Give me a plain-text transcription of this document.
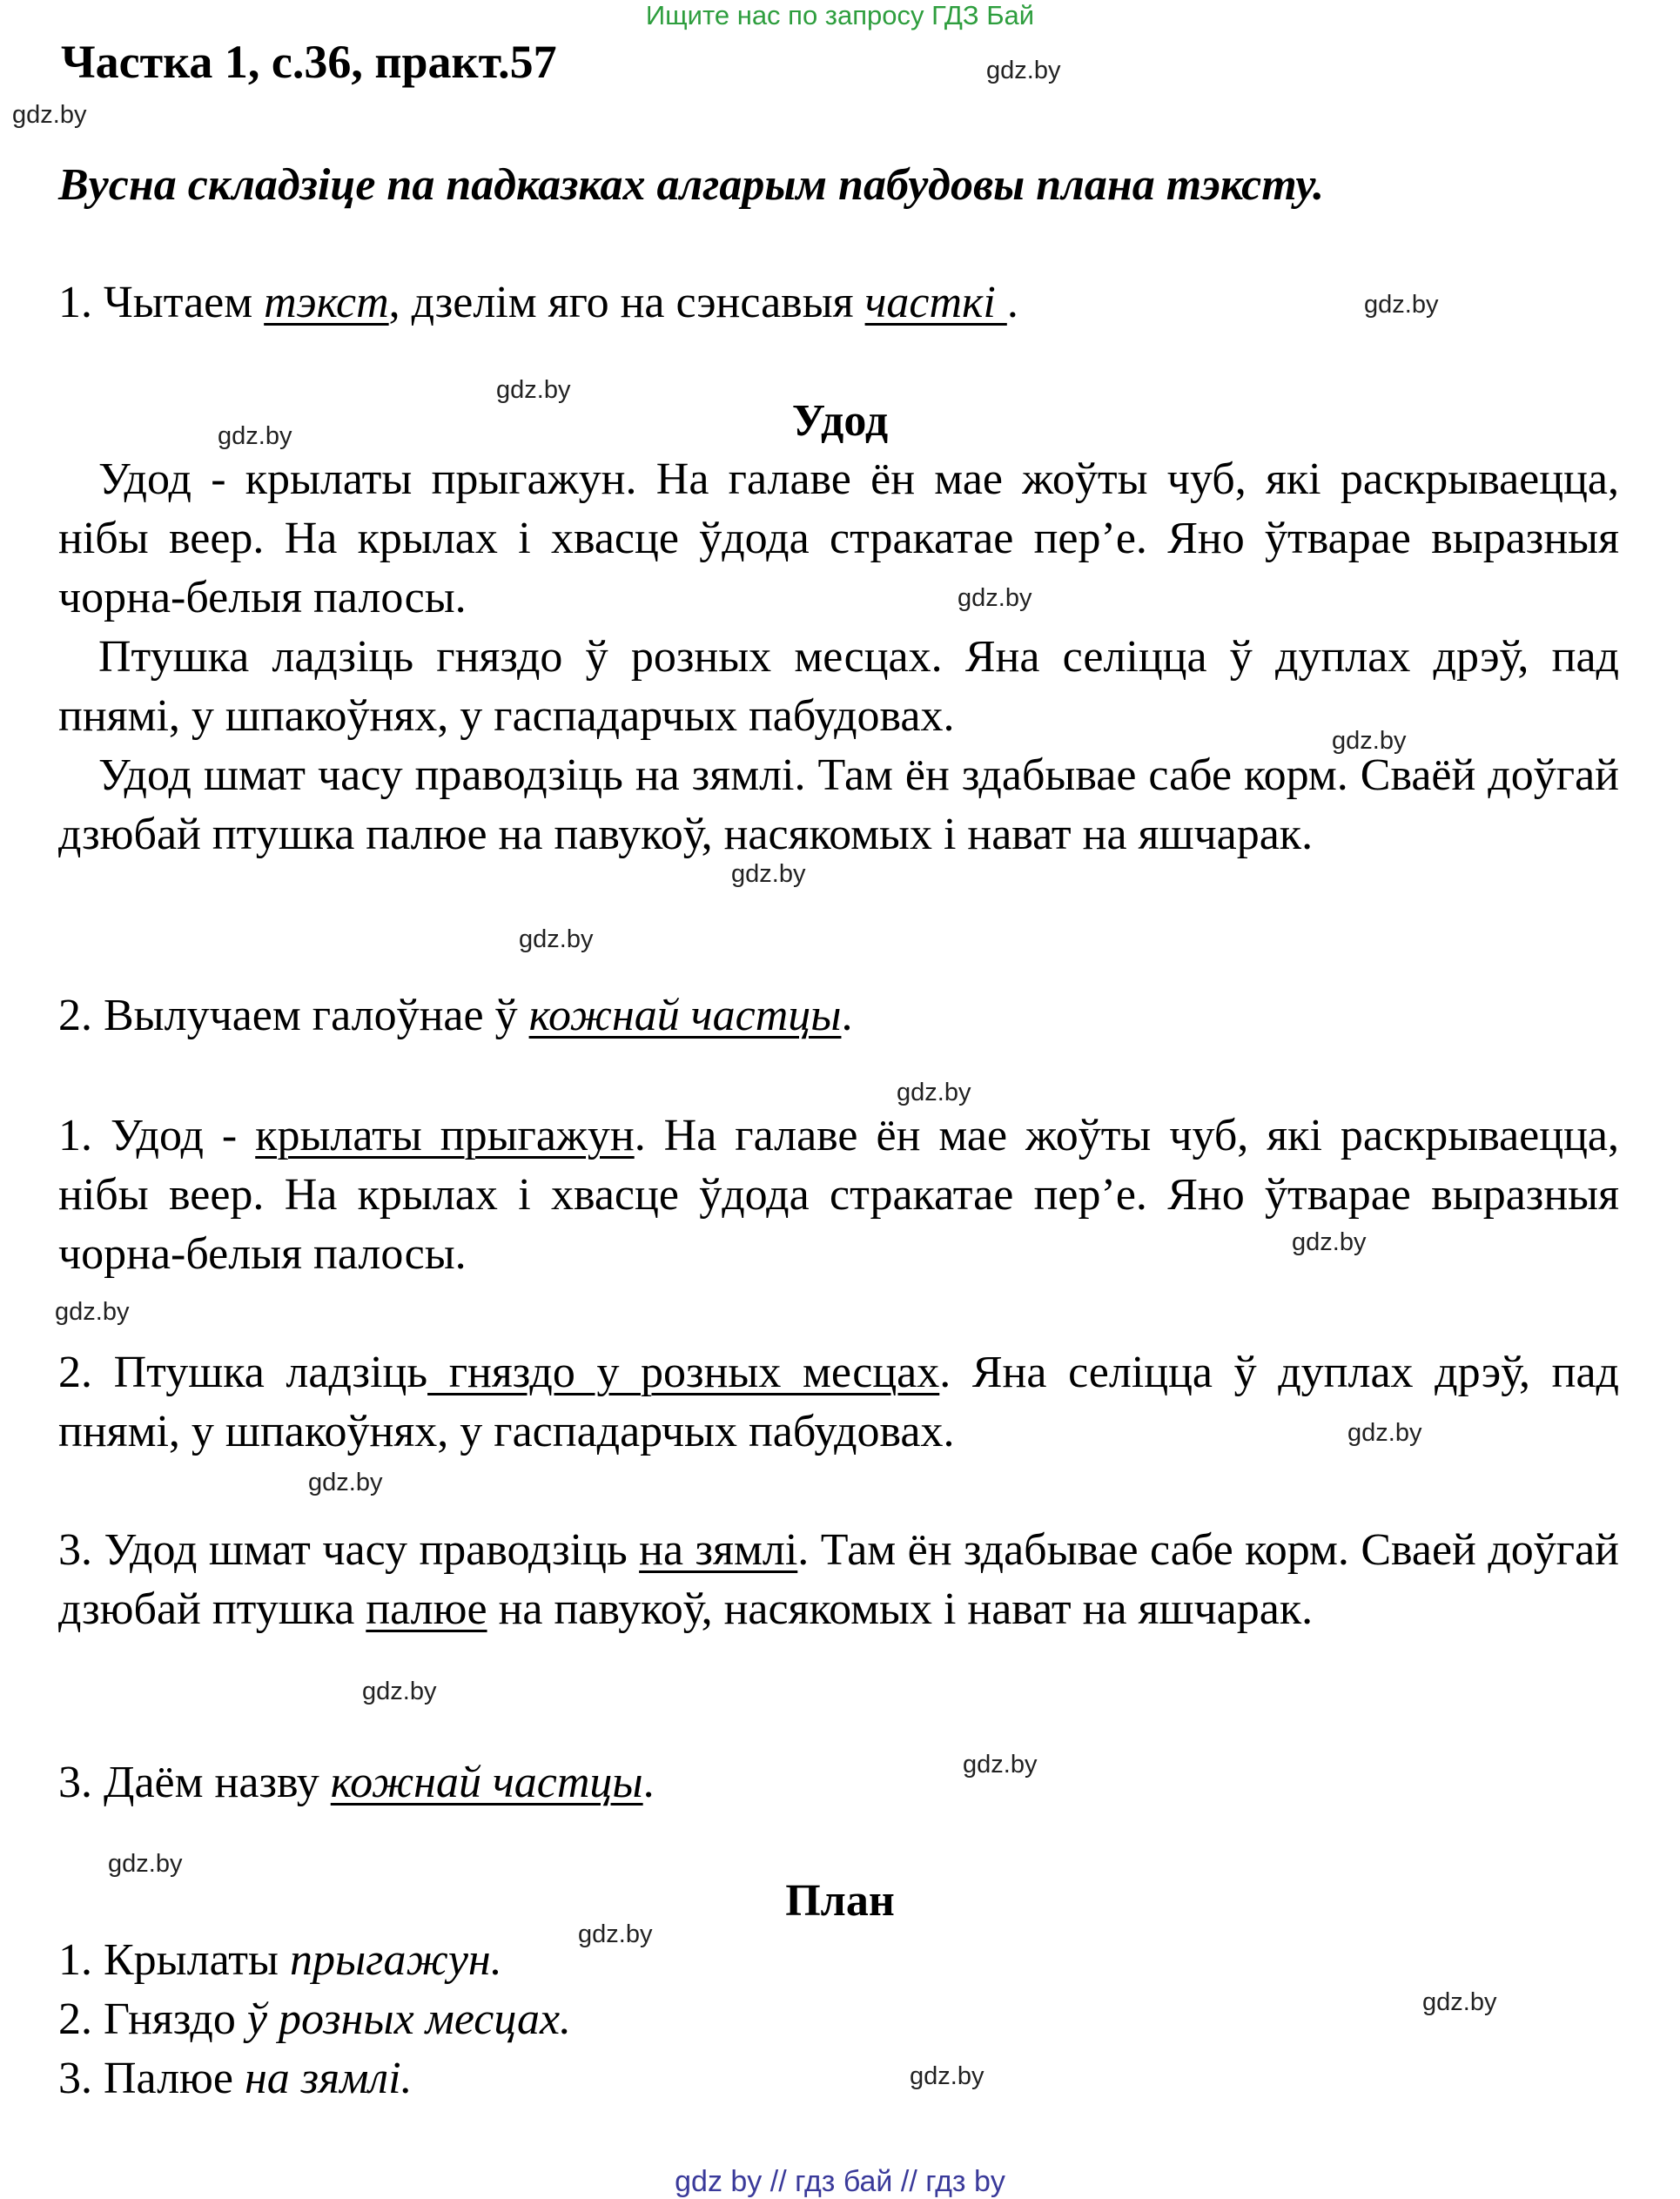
Ищите нас по запросу ГДЗ Бай
Частка 1, с.36, практ.57
Вусна складзіце па падказках алгарым пабудовы плана тэксту.
1. Чытаем тэкст, дзелім яго на сэнсавыя часткі .
Удод
Удод - крылаты прыгажун. На галаве ён мае жоўты чуб, які раскрываецца, нібы веер. На крылах і хвасце ўдода стракатае пер’е. Яно ўтварае выразныя чорна-белыя палосы.
Птушка ладзіць гняздо ў розных месцах. Яна селіцца ў дуплах дрэў, пад пнямі, у шпакоўнях, у гаспадарчых пабудовах.
Удод шмат часу праводзіць на зямлі. Там ён здабывае сабе корм. Сваёй доўгай дзюбай птушка палюе на павукоў, насякомых і нават на яшчарак.
2. Вылучаем галоўнае ў кожнай частцы.
1. Удод - крылаты прыгажун. На галаве ён мае жоўты чуб, які раскрываецца, нібы веер. На крылах і хвасце ўдода стракатае пер’е. Яно ўтварае выразныя чорна-белыя палосы.
2. Птушка ладзіць гняздо у розных месцах. Яна селіцца ў дуплах дрэў, пад пнямі, у шпакоўнях, у гаспадарчых пабудовах.
3. Удод шмат часу праводзіць на зямлі. Там ён здабывае сабе корм. Сваей доўгай дзюбай птушка палюе на павукоў, насякомых і нават на яшчарак.
3. Даём назву кожнай частцы.
План
1. Крылаты прыгажун.
2. Гняздо ў розных месцах.
3. Палюе на зямлі.
gdz.by
gdz.by
gdz.by
gdz.by
gdz.by
gdz.by
gdz.by
gdz.by
gdz.by
gdz.by
gdz.by
gdz.by
gdz.by
gdz.by
gdz.by
gdz.by
gdz.by
gdz.by
gdz.by
gdz.by
gdz by // гдз бай // гдз by
